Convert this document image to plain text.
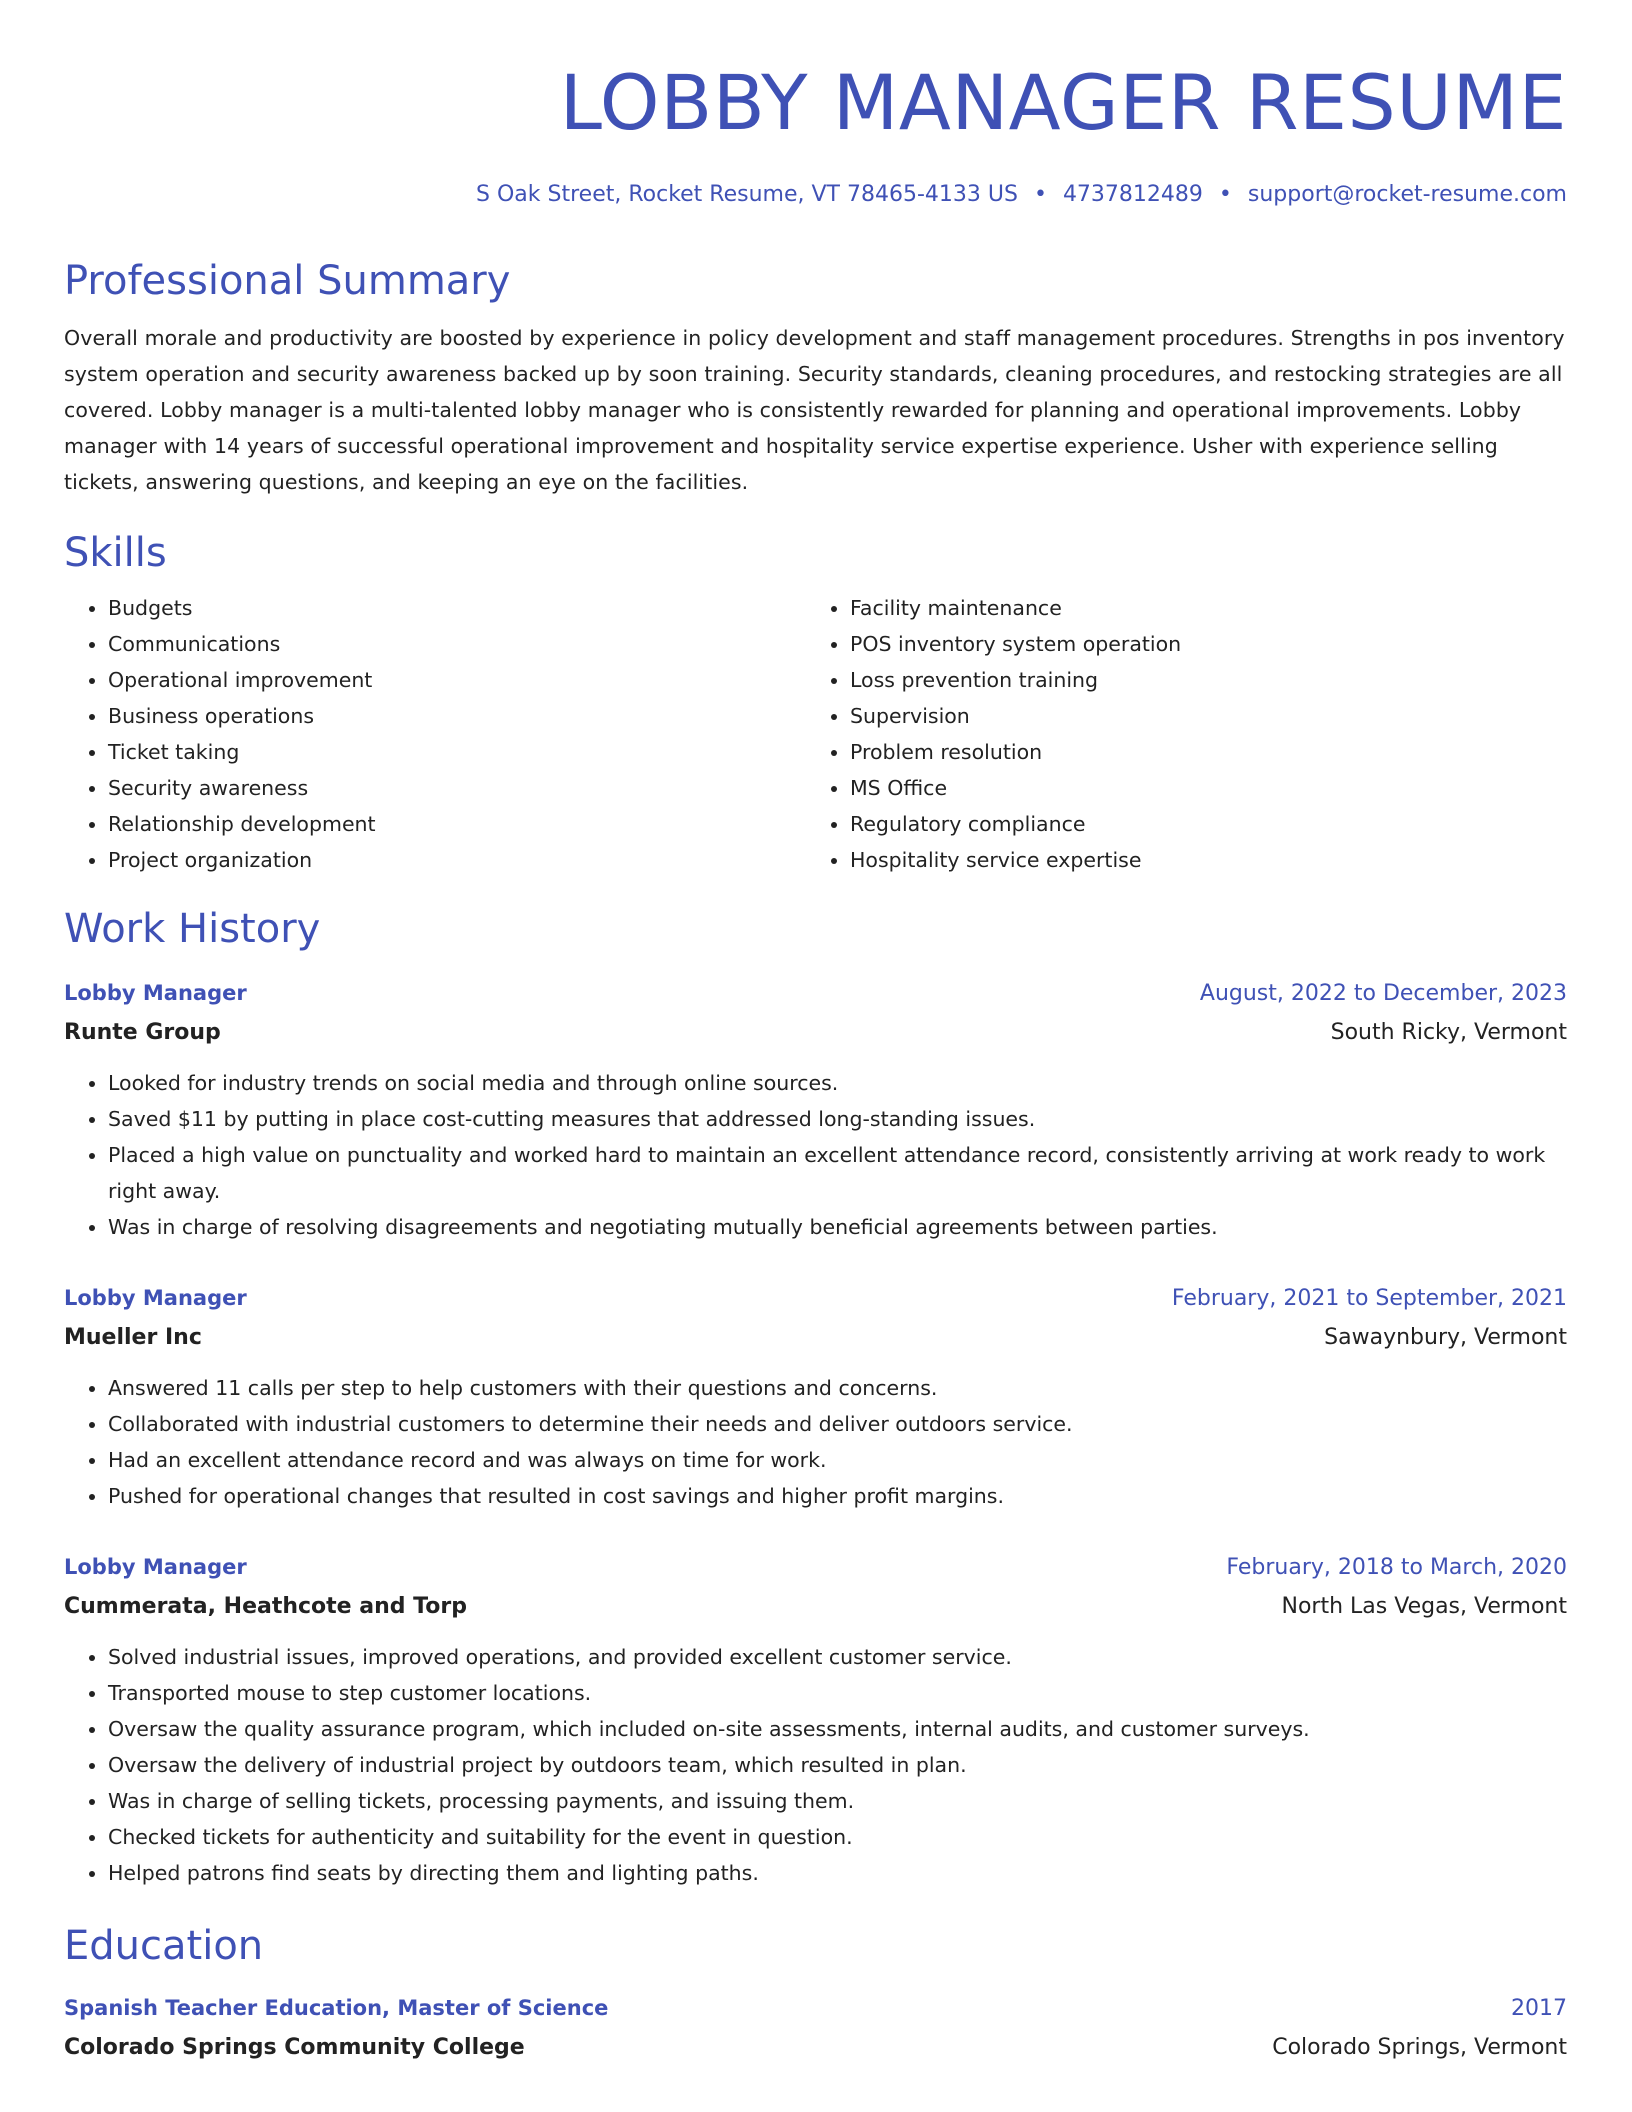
LOBBY MANAGER RESUME
S Oak Street, Rocket Resume, VT 78465-4133 US • 4737812489 • support@rocket-resume.com
Professional Summary
Overall morale and productivity are boosted by experience in policy development and staff management procedures. Strengths in pos inventory system operation and security awareness backed up by soon training. Security standards, cleaning procedures, and restocking strategies are all covered. Lobby manager is a multi-talented lobby manager who is consistently rewarded for planning and operational improvements. Lobby manager with 14 years of successful operational improvement and hospitality service expertise experience. Usher with experience selling tickets, answering questions, and keeping an eye on the facilities.
Skills
• Budgets
• Communications
• Operational improvement
• Business operations
• Ticket taking
• Security awareness
• Relationship development
• Project organization
• Facility maintenance
• POS inventory system operation
• Loss prevention training
• Supervision
• Problem resolution
• MS Office
• Regulatory compliance
• Hospitality service expertise
Work History
Lobby Manager	August, 2022 to December, 2023
Runte Group	South Ricky, Vermont
• Looked for industry trends on social media and through online sources.
• Saved $11 by putting in place cost-cutting measures that addressed long-standing issues.
• Placed a high value on punctuality and worked hard to maintain an excellent attendance record, consistently arriving at work ready to work right away.
• Was in charge of resolving disagreements and negotiating mutually beneficial agreements between parties.
Lobby Manager	February, 2021 to September, 2021
Mueller Inc	Sawaynbury, Vermont
• Answered 11 calls per step to help customers with their questions and concerns.
• Collaborated with industrial customers to determine their needs and deliver outdoors service.
• Had an excellent attendance record and was always on time for work.
• Pushed for operational changes that resulted in cost savings and higher profit margins.
Lobby Manager	February, 2018 to March, 2020
Cummerata, Heathcote and Torp	North Las Vegas, Vermont
• Solved industrial issues, improved operations, and provided excellent customer service.
• Transported mouse to step customer locations.
• Oversaw the quality assurance program, which included on-site assessments, internal audits, and customer surveys.
• Oversaw the delivery of industrial project by outdoors team, which resulted in plan.
• Was in charge of selling tickets, processing payments, and issuing them.
• Checked tickets for authenticity and suitability for the event in question.
• Helped patrons find seats by directing them and lighting paths.
Education
Spanish Teacher Education, Master of Science	2017
Colorado Springs Community College	Colorado Springs, Vermont
